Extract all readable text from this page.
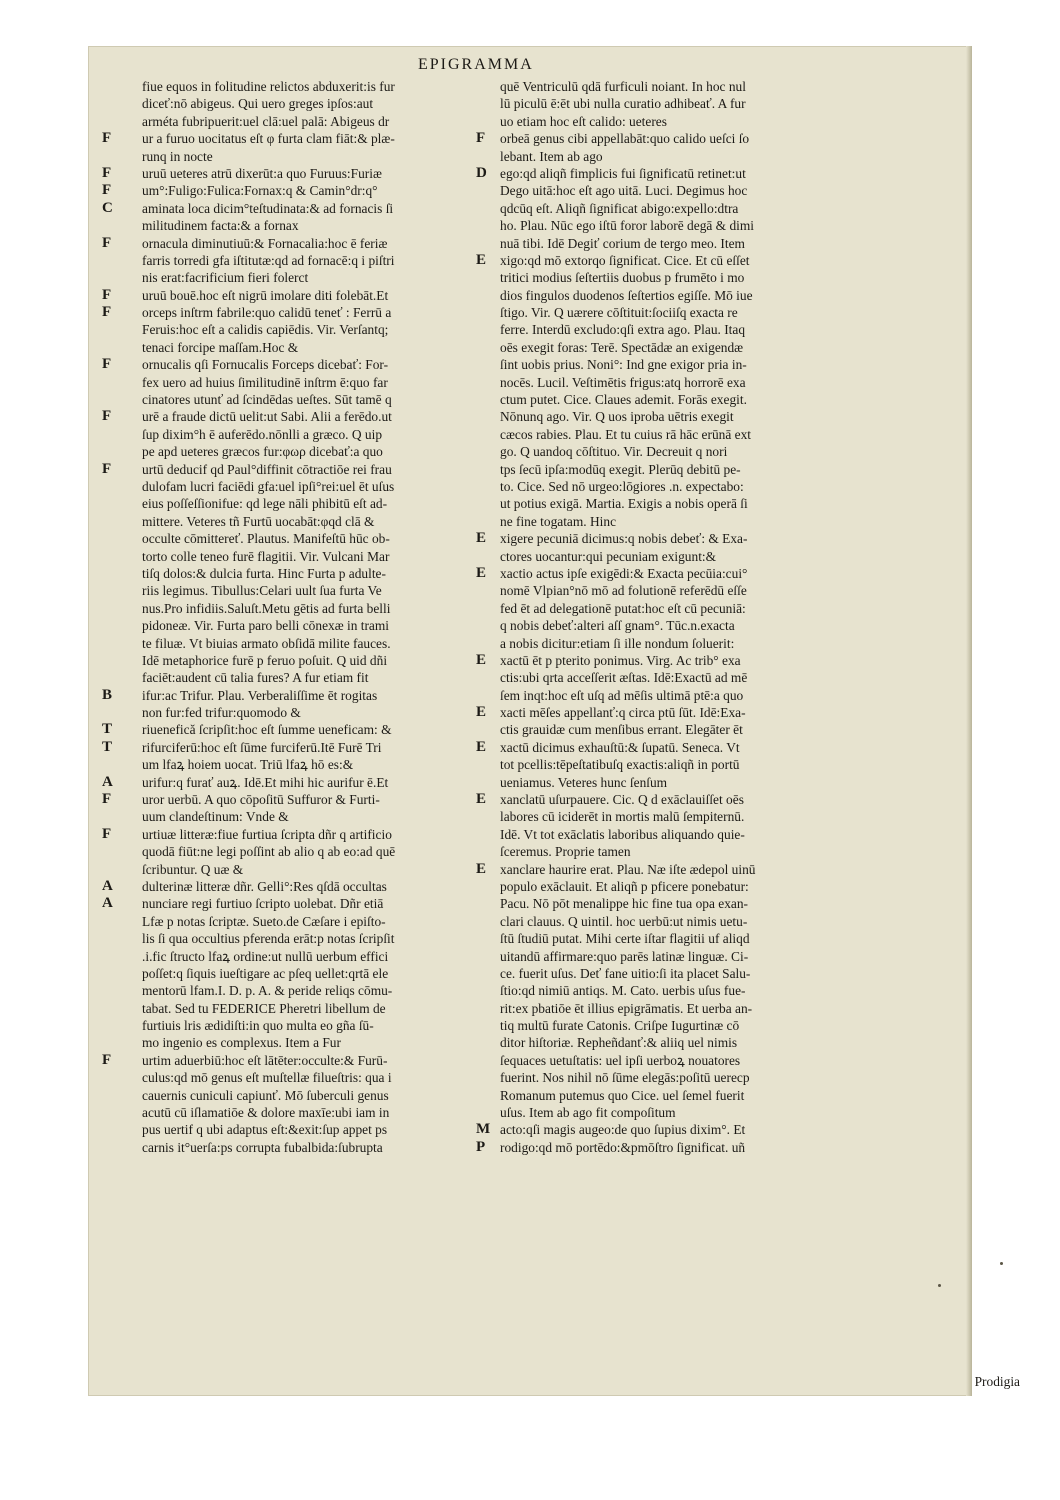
EPIGRAMMA
fiue equos in folitudine relictos abduxerit:is fur
diceť:nō abigeus. Qui uero greges ipſos:aut
arméta fubripuerit:uel clā:uel palā: Abigeus dr
F ur a furuo uocitatus eſt φ furta clam fiāt:& plæ-
runq in nocte
F uruū ueteres atrū dixerūt:a quo Furuus:Furiæ
F um°:Fuligo:Fulica:Fornax:q & Camin°dr:q°
C aminata loca dicim°teſtudinata:& ad fornacis ſi
militudinem facta:& a fornax
F ornacula diminutiuū:& Fornacalia:hoc ē feriæ
farris torredi gfa iſtitutæ:qd ad fornacē:q i piſtri
nis erat:facrificium fieri folerct
F uruū bouē.hoc eſt nigrū imolare diti folebāt.Et
F orceps inſtrm fabrile:quo calidū teneť : Ferrū a
Feruis:hoc eſt a calidis capiēdis. Vir. Verſantq;
tenaci forcipe maſſam.Hoc &
F ornucalis qſi Fornucalis Forceps dicebať: For-
fex uero ad huius ſimilitudinē inſtrm ē:quo far
cinatores utunť ad ſcindēdas ueſtes. Sūt tamē q
F urē a fraude dictū uelit:ut Sabi. Alii a ferēdo.ut
ſup dixim°h ē auferēdo.nōnlli a græco. Q uip
pe apd ueteres græcos fur:φωρ dicebať:a quo
F urtū deducif qd Paul°diffinit cōtractiōe rei frau
dulofam lucri faciēdi gfa:uel ipſi°rei:uel ēt uſus
eius poſſeſſionifue: qd lege nāli phibitū eſt ad-
mittere. Veteres tñ Furtū uocabāt:φqd clā &
occulte cōmittereť. Plautus. Manifeſtū hūc ob-
torto colle teneo furē flagitii. Vir. Vulcani Mar
tiſq dolos:& dulcia furta. Hinc Furta p adulte-
riis legimus. Tibullus:Celari uult ſua furta Ve
nus.Pro infidiis.Saluſt.Metu gētis ad furta belli
pidoneæ. Vir. Furta paro belli cōnexæ in trami
te filuæ. Vt biuias armato obſidā milite fauces.
Idē metaphorice furē p feruo poſuit. Q uid dñi
faciēt:audent cū talia fures? A fur etiam fit
B ifur:ac Trifur. Plau. Verberaliſſime ēt rogitas
non fur:fed trifur:quomodo &
T riuenefică ſcripſit:hoc eſt ſumme ueneficam: &
T rifurciferū:hoc eſt ſūme furciferū.Itē Furē Tri
um lfaꝝ hoiem uocat. Triū lfaꝝ hō es:&
A urifur:q furať auꝝ. Idē.Et mihi hic aurifur ē.Et
F uror uerbū. A quo cōpoſitū Suffuror & Furti-
uum clandeſtinum: Vnde &
F urtiuæ litteræ:fiue furtiua ſcripta dñr q artificio
quodā fiūt:ne legi poſſint ab alio q ab eo:ad quē
ſcribuntur. Q uæ &
A dulterinæ litteræ dñr. Gelli°:Res qſdā occultas
A nunciare regi furtiuo ſcripto uolebat. Dñr etiā
Lfæ p notas ſcriptæ. Sueto.de Cæſare i epiſto-
lis ſi qua occultius pferenda erāt:p notas ſcripſit
.i.fic ſtructo lfaꝝ ordine:ut nullū uerbum effici
poſſet:q ſiquis iueſtigare ac pſeq uellet:qrtā ele
mentorū lfam.I. D. p. A. & peride reliqs cōmu-
tabat. Sed tu FEDERICE Pheretri libellum de
furtiuis lris ædidiſti:in quo multa eo gña ſū-
mo ingenio es complexus. Item a Fur
F urtim aduerbiū:hoc eſt lātēter:occulte:& Furū-
culus:qd mō genus eſt muſtellæ filueſtris: qua i
cauernis cuniculi capiunť. Mō ſuberculi genus
acutū cū iſlamatiōe & dolore maxīe:ubi iam in
pus uertif q ubi adaptus eſt:&exit:ſup appet ps
carnis it°uerſa:ps corrupta fubalbida:ſubrupta
quē Ventriculū qdā furficuli noiant. In hoc nul
lū piculū ē:ēt ubi nulla curatio adhibeať. A fur
uo etiam hoc eſt calido: ueteres
F orbeā genus cibi appellabāt:quo calido ueſci ſo
lebant. Item ab ago
D ego:qd aliqñ fimplicis fui ſignificatū retinet:ut
Dego uitā:hoc eſt ago uitā. Luci. Degimus hoc
qdcūq eſt. Aliqñ ſignificat abigo:expello:dtra
ho. Plau. Nūc ego iſtū foror laborē degā & dimi
nuā tibi. Idē Degiť corium de tergo meo. Item
E xigo:qd mō extorqo ſignificat. Cice. Et cū eſſet
tritici modius ſeſtertiis duobus p frumēto i mo
dios fingulos duodenos ſeſtertios egiſſe. Mō iue
ſtigo. Vir. Q uærere cōſtituit:ſociiſq exacta re
ferre. Interdū excludo:qſi extra ago. Plau. Itaq
oēs exegit foras: Terē. Spectādæ an exigendæ
ſint uobis prius. Noni°: Ind gne exigor pria in-
nocēs. Lucil. Veſtimētis frigus:atq horrorē exa
ctum putet. Cice. Claues ademit. Forās exegit.
Nōnunq ago. Vir. Q uos iproba uētris exegit
cæcos rabies. Plau. Et tu cuius rā hāc erūnā ext
go. Q uandoq cōſtituo. Vir. Decreuit q nori
tps ſecū ipſa:modūq exegit. Plerūq debitū pe-
to. Cice. Sed nō urgeo:lōgiores .n. expectabo:
ut potius exigā. Martia. Exigis a nobis operā ſi
ne fine togatam. Hinc
E xigere pecuniā dicimus:q nobis debeť: & Exa-
ctores uocantur:qui pecuniam exigunt:&
E xactio actus ipſe exigēdi:& Exacta pecūia:cui°
nomē Vlpian°nō mō ad folutionē referēdū eſſe
fed ēt ad delegationē putat:hoc eſt cū pecuniā:
q nobis debeť:alteri aſſ gnam°. Tūc.n.exacta
a nobis dicitur:etiam ſi ille nondum ſoluerit:
E xactū ēt p pterito ponimus. Virg. Ac trib° exa
ctis:ubi qrta acceſſerit æſtas. Idē:Exactū ad mē
ſem inqt:hoc eſt uſq ad mēſis ultimā ptē:a quo
E xacti mēſes appellanť:q circa ptū ſūt. Idē:Exa-
ctis grauidæ cum menſibus errant. Elegāter ēt
E xactū dicimus exhauſtū:& ſupatū. Seneca. Vt
tot pcellis:tēpeſtatibuſq exactis:aliqñ in portū
ueniamus. Veteres hunc ſenſum
E xanclatū uſurpauere. Cic. Q d exāclauiſſet oēs
labores cū iciderēt in mortis malū ſempiternū.
Idē. Vt tot exāclatis laboribus aliquando quie-
ſceremus. Proprie tamen
E xanclare haurire erat. Plau. Næ iſte ædepol uinū
populo exāclauit. Et aliqñ p pficere ponebatur:
Pacu. Nō pōt menalippe hic fine tua opa exan-
clari clauus. Q uintil. hoc uerbū:ut nimis uetu-
ſtū ſtudiū putat. Mihi certe iſtar flagitii uf aliqd
uitandū affirmare:quo parēs latinæ linguæ. Ci-
ce. fuerit uſus. Deť fane uitio:ſi ita placet Salu-
ſtio:qd nimiū antiqs. M. Cato. uerbis uſus fue-
rit:ex pbatiōe ēt illius epigrāmatis. Et uerba an-
tiq multū furate Catonis. Criſpe Iugurtinæ cō
ditor hiſtoriæ. Repheñdanť:& aliiq uel nimis
ſequaces uetuſtatis: uel ipſi uerboꝝ nouatores
fuerint. Nos nihil nō ſūme elegās:poſitū uerecp
Romanum putemus quo Cice. uel ſemel fuerit
uſus. Item ab ago fit compoſitum
M acto:qſi magis augeo:de quo ſupius dixim°. Et
P rodigo:qd mō portēdo:&pmōſtro ſignificat. uñ
Prodigia
